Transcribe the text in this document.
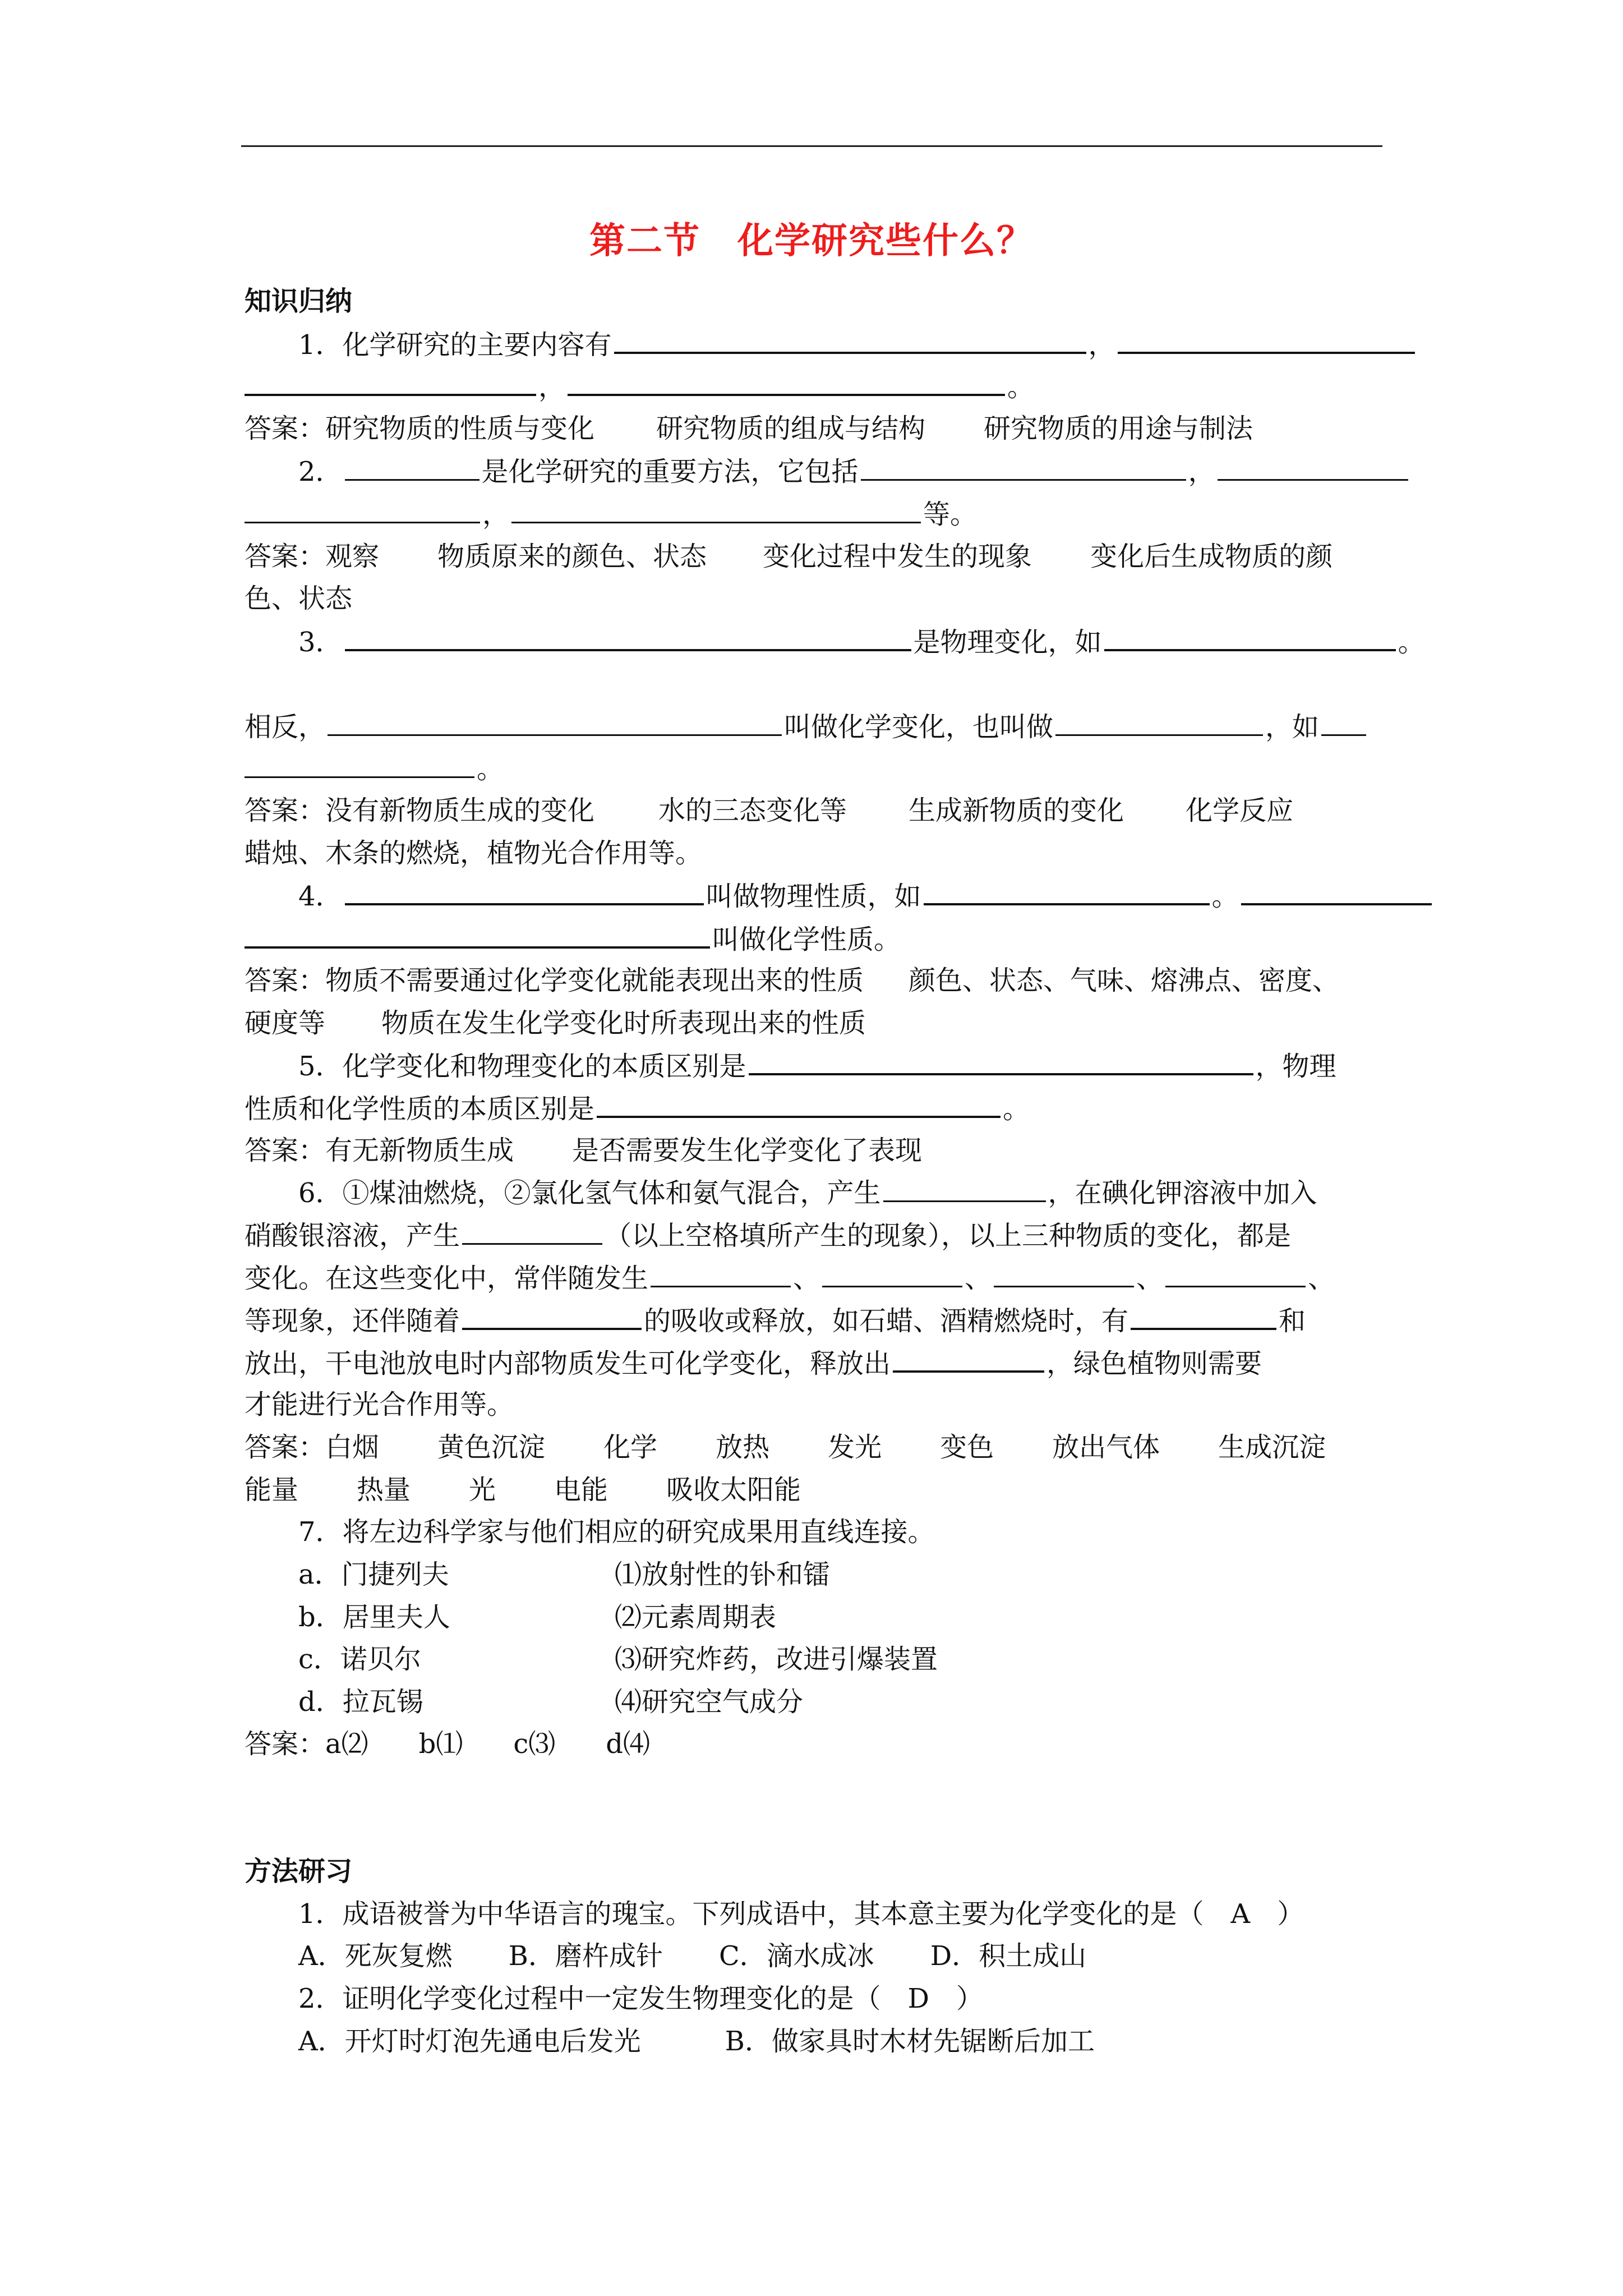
第二节　化学研究些什么？
知识归纳
1．化学研究的主要内容有	，
，	。
答案：研究物质的性质与变化 研究物质的组成与结构 研究物质的用途与制法
2．	是化学研究的重要方法，它包括	，
，	等。
答案：观察 物质原来的颜色、状态 变化过程中发生的现象 变化后生成物质的颜
色、状态
3．	是物理变化，如	。
相反，	叫做化学变化，也叫做	，如
。
答案：没有新物质生成的变化 水的三态变化等 生成新物质的变化 化学反应
蜡烛、木条的燃烧，植物光合作用等。
4．	叫做物理性质，如	。
叫做化学性质。
答案：物质不需要通过化学变化就能表现出来的性质 颜色、状态、气味、熔沸点、密度、
硬度等 物质在发生化学变化时所表现出来的性质
5．化学变化和物理变化的本质区别是	，物理
性质和化学性质的本质区别是	。
答案：有无新物质生成 是否需要发生化学变化了表现
6．①煤油燃烧，②氯化氢气体和氨气混合，产生	，在碘化钾溶液中加入
硝酸银溶液，产生	（以上空格填所产生的现象），以上三种物质的变化，都是
变化。在这些变化中，常伴随发生	、	、	、	、
等现象，还伴随着	的吸收或释放，如石蜡、酒精燃烧时，有	和
放出，干电池放电时内部物质发生可化学变化，释放出	，绿色植物则需要
才能进行光合作用等。
答案：白烟 黄色沉淀 化学 放热 发光 变色 放出气体 生成沉淀
能量 热量 光 电能 吸收太阳能
7．将左边科学家与他们相应的研究成果用直线连接。
a．门捷列夫	⑴放射性的钋和镭
b．居里夫人	⑵元素周期表
c．诺贝尔	⑶研究炸药，改进引爆装置
d．拉瓦锡	⑷研究空气成分
答案：a⑵ b⑴ c⑶ d⑷
方法研习
1．成语被誉为中华语言的瑰宝。下列成语中，其本意主要为化学变化的是（　A　）
A．死灰复燃 B．磨杵成针 C．滴水成冰 D．积土成山
2．证明化学变化过程中一定发生物理变化的是（　D　）
A．开灯时灯泡先通电后发光	B．做家具时木材先锯断后加工
